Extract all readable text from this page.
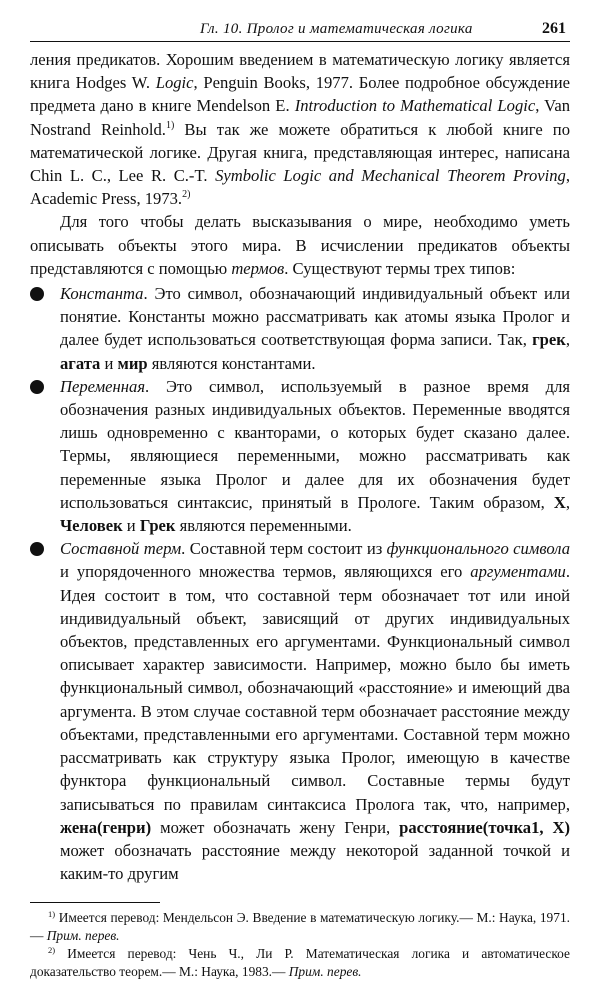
Гл. 10. Пролог и математическая логика	261

ления предикатов. Хорошим введением в математическую логику является книга Hodges W. Logic, Penguin Books, 1977. Более подробное обсуждение предмета дано в книге Mendelson E. Introduction to Mathematical Logic, Van Nostrand Reinhold.$^{1)}$ Вы так же можете обратиться к любой книге по математической логике. Другая книга, представляющая интерес, написана Chin L. C., Lee R. C.-T. Symbolic Logic and Mechanical Theorem Proving, Academic Press, 1973.$^{2)}$

Для того чтобы делать высказывания о мире, необходимо уметь описывать объекты этого мира. В исчислении предикатов объекты представляются с помощью термов. Существуют термы трех типов:

Константа. Это символ, обозначающий индивидуальный объект или понятие. Константы можно рассматривать как атомы языка Пролог и далее будет использоваться соответствующая форма записи. Так, грек, агата и мир являются константами.
Переменная. Это символ, используемый в разное время для обозначения разных индивидуальных объектов. Переменные вводятся лишь одновременно с кванторами, о которых будет сказано далее. Термы, являющиеся переменными, можно рассматривать как переменные языка Пролог и далее для их обозначения будет использоваться синтаксис, принятый в Прологе. Таким образом, X, Человек и Грек являются переменными.
Составной терм. Составной терм состоит из функционального символа и упорядоченного множества термов, являющихся его аргументами. Идея состоит в том, что составной терм обозначает тот или иной индивидуальный объект, зависящий от других индивидуальных объектов, представленных его аргументами. Функциональный символ описывает характер зависимости. Например, можно было бы иметь функциональный символ, обозначающий «расстояние» и имеющий два аргумента. В этом случае составной терм обозначает расстояние между объектами, представленными его аргументами. Составной терм можно рассматривать как структуру языка Пролог, имеющую в качестве функтора функциональный символ. Составные термы будут записываться по правилам синтаксиса Пролога так, что, например, жена(генри) может обозначать жену Генри, расстояние(точка1, X) может обозначать расстояние между некоторой заданной точкой и каким-то другим

$^{1)}$ Имеется перевод: Мендельсон Э. Введение в математическую логику.— М.: Наука, 1971.— Прим. перев.

$^{2)}$ Имеется перевод: Чень Ч., Ли Р. Математическая логика и автоматическое доказательство теорем.— М.: Наука, 1983.— Прим. перев.
